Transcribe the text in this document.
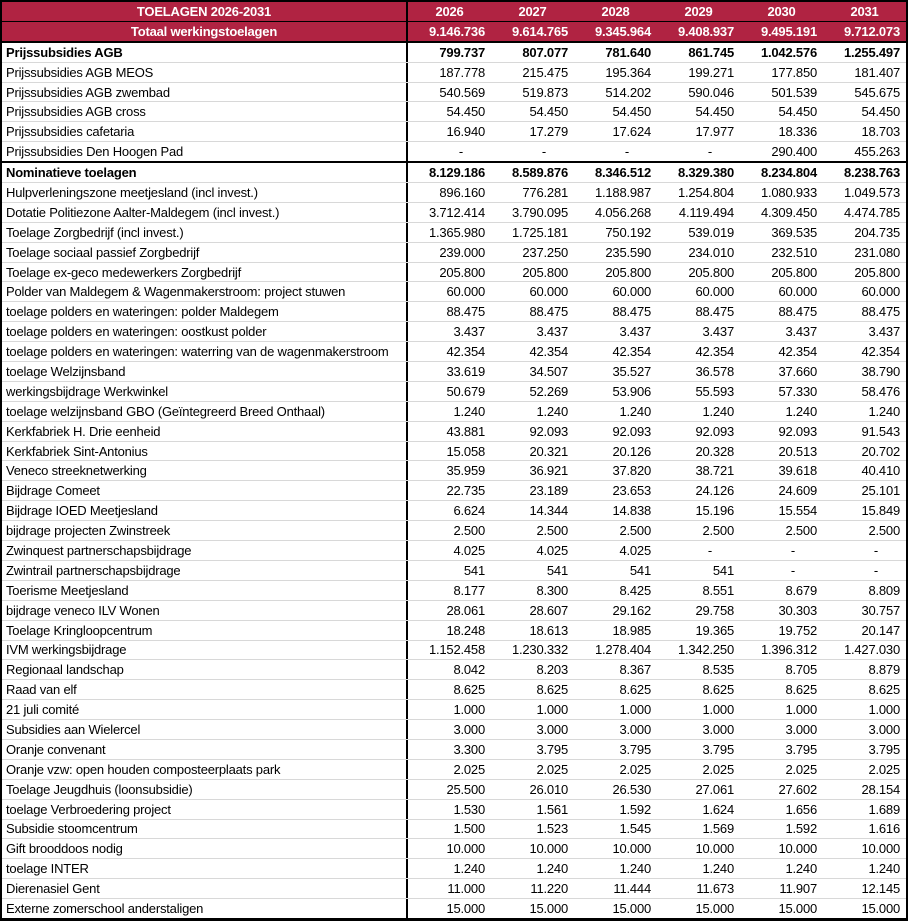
TOELAGEN 2026-2031	2026	2027	2028	2029	2030	2031
Totaal werkingstoelagen	9.146.736	9.614.765	9.345.964	9.408.937	9.495.191	9.712.073
Prijssubsidies AGB	799.737	807.077	781.640	861.745	1.042.576	1.255.497
Prijssubsidies AGB MEOS	187.778	215.475	195.364	199.271	177.850	181.407
Prijssubsidies AGB zwembad	540.569	519.873	514.202	590.046	501.539	545.675
Prijssubsidies AGB cross	54.450	54.450	54.450	54.450	54.450	54.450
Prijssubsidies cafetaria	16.940	17.279	17.624	17.977	18.336	18.703
Prijssubsidies Den Hoogen Pad	-	-	-	-	290.400	455.263
Nominatieve toelagen	8.129.186	8.589.876	8.346.512	8.329.380	8.234.804	8.238.763
Hulpverleningszone meetjesland (incl invest.)	896.160	776.281	1.188.987	1.254.804	1.080.933	1.049.573
Dotatie Politiezone Aalter-Maldegem (incl invest.)	3.712.414	3.790.095	4.056.268	4.119.494	4.309.450	4.474.785
Toelage Zorgbedrijf (incl invest.)	1.365.980	1.725.181	750.192	539.019	369.535	204.735
Toelage sociaal passief Zorgbedrijf	239.000	237.250	235.590	234.010	232.510	231.080
Toelage ex-geco medewerkers Zorgbedrijf	205.800	205.800	205.800	205.800	205.800	205.800
Polder van Maldegem & Wagenmakerstroom: project stuwen	60.000	60.000	60.000	60.000	60.000	60.000
toelage polders en wateringen: polder Maldegem	88.475	88.475	88.475	88.475	88.475	88.475
toelage polders en wateringen: oostkust polder	3.437	3.437	3.437	3.437	3.437	3.437
toelage polders en wateringen: waterring van de wagenmakerstroom	42.354	42.354	42.354	42.354	42.354	42.354
toelage Welzijnsband	33.619	34.507	35.527	36.578	37.660	38.790
werkingsbijdrage Werkwinkel	50.679	52.269	53.906	55.593	57.330	58.476
toelage welzijnsband GBO (Geïntegreerd Breed Onthaal)	1.240	1.240	1.240	1.240	1.240	1.240
Kerkfabriek H. Drie eenheid	43.881	92.093	92.093	92.093	92.093	91.543
Kerkfabriek Sint-Antonius	15.058	20.321	20.126	20.328	20.513	20.702
Veneco streeknetwerking	35.959	36.921	37.820	38.721	39.618	40.410
Bijdrage Comeet	22.735	23.189	23.653	24.126	24.609	25.101
Bijdrage IOED Meetjesland	6.624	14.344	14.838	15.196	15.554	15.849
bijdrage projecten Zwinstreek	2.500	2.500	2.500	2.500	2.500	2.500
Zwinquest partnerschapsbijdrage	4.025	4.025	4.025	-	-	-
Zwintrail partnerschapsbijdrage	541	541	541	541	-	-
Toerisme Meetjesland	8.177	8.300	8.425	8.551	8.679	8.809
bijdrage veneco ILV Wonen	28.061	28.607	29.162	29.758	30.303	30.757
Toelage Kringloopcentrum	18.248	18.613	18.985	19.365	19.752	20.147
IVM werkingsbijdrage	1.152.458	1.230.332	1.278.404	1.342.250	1.396.312	1.427.030
Regionaal landschap	8.042	8.203	8.367	8.535	8.705	8.879
Raad van elf	8.625	8.625	8.625	8.625	8.625	8.625
21 juli comité	1.000	1.000	1.000	1.000	1.000	1.000
Subsidies aan Wielercel	3.000	3.000	3.000	3.000	3.000	3.000
Oranje convenant	3.300	3.795	3.795	3.795	3.795	3.795
Oranje vzw: open houden composteerplaats park	2.025	2.025	2.025	2.025	2.025	2.025
Toelage Jeugdhuis (loonsubsidie)	25.500	26.010	26.530	27.061	27.602	28.154
toelage Verbroedering project	1.530	1.561	1.592	1.624	1.656	1.689
Subsidie stoomcentrum	1.500	1.523	1.545	1.569	1.592	1.616
Gift brooddoos nodig	10.000	10.000	10.000	10.000	10.000	10.000
toelage INTER	1.240	1.240	1.240	1.240	1.240	1.240
Dierenasiel Gent	11.000	11.220	11.444	11.673	11.907	12.145
Externe zomerschool anderstaligen	15.000	15.000	15.000	15.000	15.000	15.000
